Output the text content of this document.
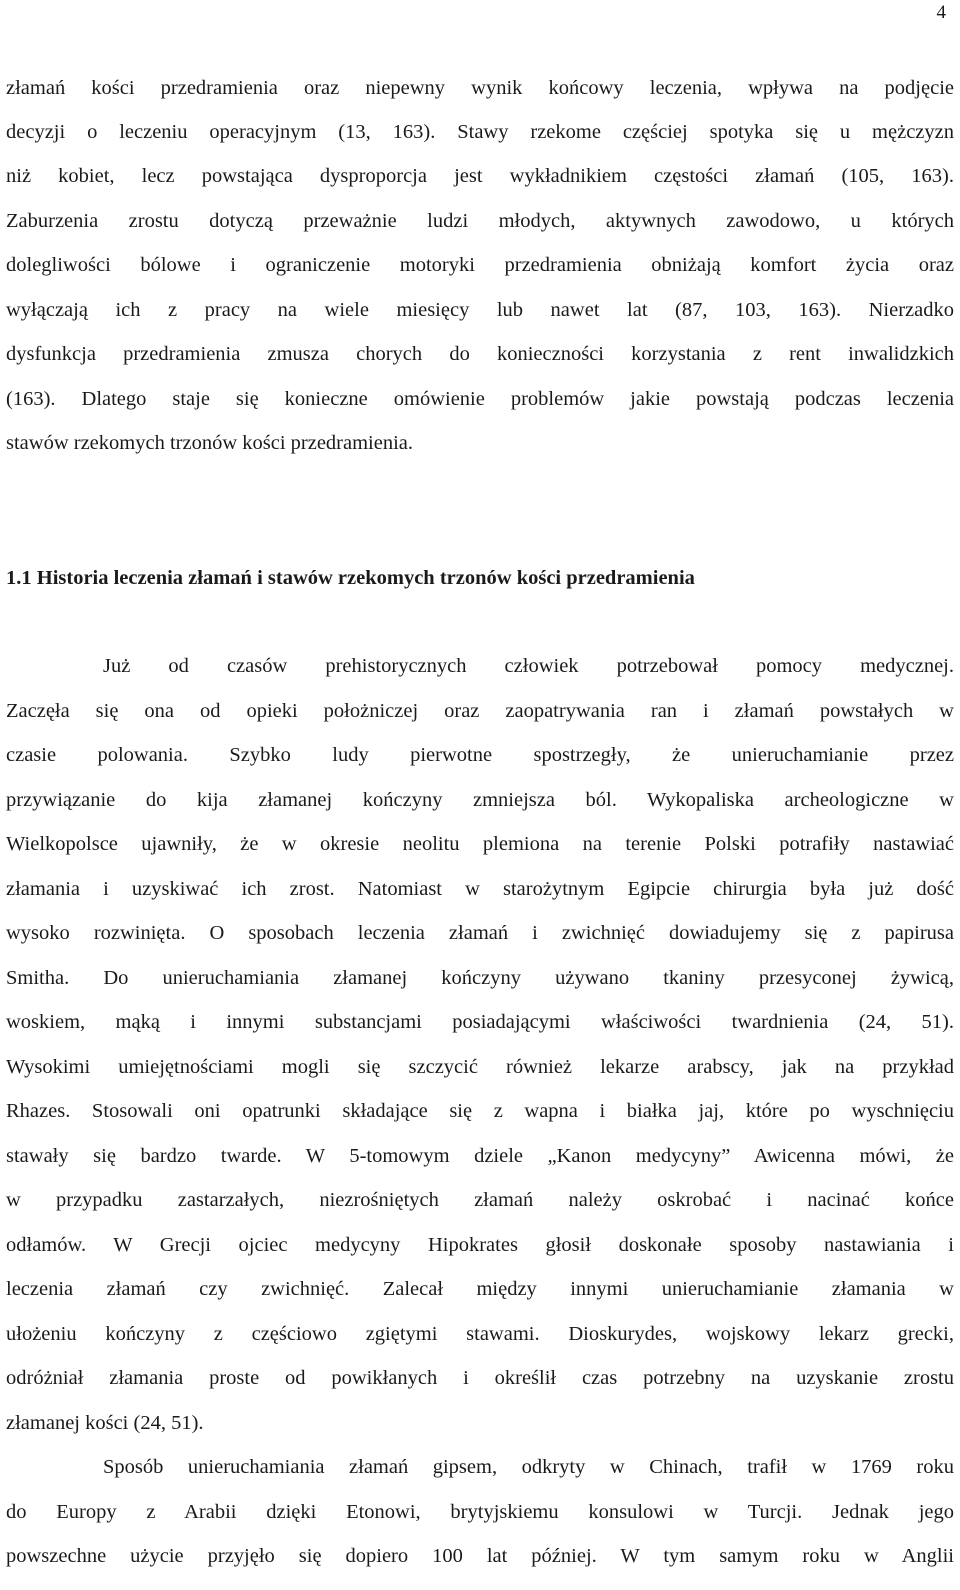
4
złamań kości przedramienia oraz niepewny wynik końcowy leczenia, wpływa na podjęcie
decyzji o leczeniu operacyjnym (13, 163). Stawy rzekome częściej spotyka się u mężczyzn
niż kobiet, lecz powstająca dysproporcja jest wykładnikiem częstości złamań (105, 163).
Zaburzenia zrostu dotyczą przeważnie ludzi młodych, aktywnych zawodowo, u których
dolegliwości bólowe i ograniczenie motoryki przedramienia obniżają komfort życia oraz
wyłączają ich z pracy na wiele miesięcy lub nawet lat (87, 103, 163). Nierzadko
dysfunkcja przedramienia zmusza chorych do konieczności korzystania z rent inwalidzkich
(163). Dlatego staje się konieczne omówienie problemów jakie powstają podczas leczenia
stawów rzekomych trzonów kości przedramienia.
1.1 Historia leczenia złamań i stawów rzekomych trzonów kości przedramienia
Już od czasów prehistorycznych człowiek potrzebował pomocy medycznej.
Zaczęła się ona od opieki położniczej oraz zaopatrywania ran i złamań powstałych w
czasie polowania. Szybko ludy pierwotne spostrzegły, że unieruchamianie przez
przywiązanie do kija złamanej kończyny zmniejsza ból. Wykopaliska archeologiczne w
Wielkopolsce ujawniły, że w okresie neolitu plemiona na terenie Polski potrafiły nastawiać
złamania i uzyskiwać ich zrost. Natomiast w starożytnym Egipcie chirurgia była już dość
wysoko rozwinięta. O sposobach leczenia złamań i zwichnięć dowiadujemy się z papirusa
Smitha. Do unieruchamiania złamanej kończyny używano tkaniny przesyconej żywicą,
woskiem, mąką i innymi substancjami posiadającymi właściwości twardnienia (24, 51).
Wysokimi umiejętnościami mogli się szczycić również lekarze arabscy, jak na przykład
Rhazes. Stosowali oni opatrunki składające się z wapna i białka jaj, które po wyschnięciu
stawały się bardzo twarde. W 5-tomowym dziele „Kanon medycyny” Awicenna mówi, że
w przypadku zastarzałych, niezrośniętych złamań należy oskrobać i nacinać końce
odłamów. W Grecji ojciec medycyny Hipokrates głosił doskonałe sposoby nastawiania i
leczenia złamań czy zwichnięć. Zalecał między innymi unieruchamianie złamania w
ułożeniu kończyny z częściowo zgiętymi stawami. Dioskurydes, wojskowy lekarz grecki,
odróżniał złamania proste od powikłanych i określił czas potrzebny na uzyskanie zrostu
złamanej kości (24, 51).
Sposób unieruchamiania złamań gipsem, odkryty w Chinach, trafił w 1769 roku
do Europy z Arabii dzięki Etonowi, brytyjskiemu konsulowi w Turcji. Jednak jego
powszechne użycie przyjęło się dopiero 100 lat później. W tym samym roku w Anglii
